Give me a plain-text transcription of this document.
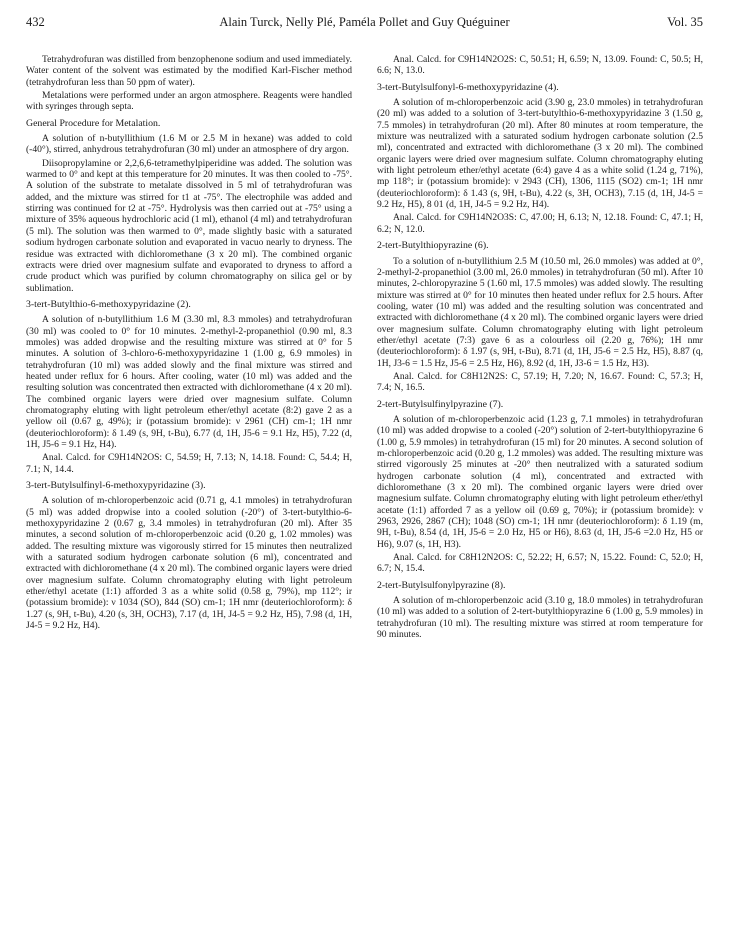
432	Alain Turck, Nelly Plé, Paméla Pollet and Guy Quéguiner	Vol. 35

Tetrahydrofuran was distilled from benzophenone sodium and used immediately. Water content of the solvent was estimated by the modified Karl-Fischer method (tetrahydrofuran less than 50 ppm of water).

Metalations were performed under an argon atmosphere. Reagents were handled with syringes through septa.

General Procedure for Metalation.

A solution of n-butyllithium (1.6 M or 2.5 M in hexane) was added to cold (-40°), stirred, anhydrous tetrahydrofuran (30 ml) under an atmosphere of dry argon.

Diisopropylamine or 2,2,6,6-tetramethylpiperidine was added. The solution was warmed to 0° and kept at this temperature for 20 minutes. It was then cooled to -75°. A solution of the substrate to metalate dissolved in 5 ml of tetrahydrofuran was added, and the mixture was stirred for t1 at -75°. The electrophile was added and stirring was continued for t2 at -75°. Hydrolysis was then carried out at -75° using a mixture of 35% aqueous hydrochloric acid (1 ml), ethanol (4 ml) and tetrahydrofuran (5 ml). The solution was then warmed to 0°, made slightly basic with a saturated sodium hydrogen carbonate solution and evaporated in vacuo nearly to dryness. The residue was extracted with dichloromethane (3 x 20 ml). The combined organic extracts were dried over magnesium sulfate and evaporated to dryness to afford a crude product which was purified by column chromatography on silica gel or by sublimation.

3-tert-Butylthio-6-methoxypyridazine (2).

A solution of n-butyllithium 1.6 M (3.30 ml, 8.3 mmoles) and tetrahydrofuran (30 ml) was cooled to 0° for 10 minutes. 2-methyl-2-propanethiol (0.90 ml, 8.3 mmoles) was added dropwise and the resulting mixture was stirred at 0° for 5 minutes. A solution of 3-chloro-6-methoxypyridazine 1 (1.00 g, 6.9 mmoles) in tetrahydrofuran (10 ml) was added slowly and the final mixture was stirred and heated under reflux for 6 hours. After cooling, water (10 ml) was added and the resulting solution was concentrated then extracted with dichloromethane (4 x 20 ml). The combined organic layers were dried over magnesium sulfate. Column chromatography eluting with light petroleum ether/ethyl acetate (8:2) gave 2 as a yellow oil (0.67 g, 49%); ir (potassium bromide): ν 2961 (CH) cm-1; 1H nmr (deuteriochloroform): δ 1.49 (s, 9H, t-Bu), 6.77 (d, 1H, J5-6 = 9.1 Hz, H5), 7.22 (d, 1H, J5-6 = 9.1 Hz, H4).

Anal. Calcd. for C9H14N2OS: C, 54.59; H, 7.13; N, 14.18. Found: C, 54.4; H, 7.1; N, 14.4.

3-tert-Butylsulfinyl-6-methoxypyridazine (3).

A solution of m-chloroperbenzoic acid (0.71 g, 4.1 mmoles) in tetrahydrofuran (5 ml) was added dropwise into a cooled solution (-20°) of 3-tert-butylthio-6-methoxypyridazine 2 (0.67 g, 3.4 mmoles) in tetrahydrofuran (20 ml). After 35 minutes, a second solution of m-chloroperbenzoic acid (0.20 g, 1.02 mmoles) was added. The resulting mixture was vigorously stirred for 15 minutes then neutralized with a saturated sodium hydrogen carbonate solution (6 ml), concentrated and extracted with dichloromethane (4 x 20 ml). The combined organic layers were dried over magnesium sulfate. Column chromatography eluting with light petroleum ether/ethyl acetate (1:1) afforded 3 as a white solid (0.58 g, 79%), mp 112°; ir (potassium bromide): ν 1034 (SO), 844 (SO) cm-1; 1H nmr (deuteriochloroform): δ 1.27 (s, 9H, t-Bu), 4.20 (s, 3H, OCH3), 7.17 (d, 1H, J4-5 = 9.2 Hz, H5), 7.98 (d, 1H, J4-5 = 9.2 Hz, H4).

Anal. Calcd. for C9H14N2O2S: C, 50.51; H, 6.59; N, 13.09. Found: C, 50.5; H, 6.6; N, 13.0.

3-tert-Butylsulfonyl-6-methoxypyridazine (4).

A solution of m-chloroperbenzoic acid (3.90 g, 23.0 mmoles) in tetrahydrofuran (20 ml) was added to a solution of 3-tert-butylthio-6-methoxypyridazine 3 (1.50 g, 7.5 mmoles) in tetrahydrofuran (20 ml). After 80 minutes at room temperature, the mixture was neutralized with a saturated sodium hydrogen carbonate solution (2.5 ml), concentrated and extracted with dichloromethane (3 x 20 ml). The combined organic layers were dried over magnesium sulfate. Column chromatography eluting with light petroleum ether/ethyl acetate (6:4) gave 4 as a white solid (1.24 g, 71%), mp 118°; ir (potassium bromide): ν 2943 (CH), 1306, 1115 (SO2) cm-1; 1H nmr (deuteriochloroform): δ 1.43 (s, 9H, t-Bu), 4.22 (s, 3H, OCH3), 7.15 (d, 1H, J4-5 = 9.2 Hz, H5), 8 01 (d, 1H, J4-5 = 9.2 Hz, H4).

Anal. Calcd. for C9H14N2O3S: C, 47.00; H, 6.13; N, 12.18. Found: C, 47.1; H, 6.2; N, 12.0.

2-tert-Butylthiopyrazine (6).

To a solution of n-butyllithium 2.5 M (10.50 ml, 26.0 mmoles) was added at 0°, 2-methyl-2-propanethiol (3.00 ml, 26.0 mmoles) in tetrahydrofuran (50 ml). After 10 minutes, 2-chloropyrazine 5 (1.60 ml, 17.5 mmoles) was added slowly. The resulting mixture was stirred at 0° for 10 minutes then heated under reflux for 2.5 hours. After cooling, water (10 ml) was added and the resulting solution was concentrated and extracted with dichloromethane (4 x 20 ml). The combined organic layers were dried over magnesium sulfate. Column chromatography eluting with light petroleum ether/ethyl acetate (7:3) gave 6 as a colourless oil (2.20 g, 76%); 1H nmr (deuteriochloroform): δ 1.97 (s, 9H, t-Bu), 8.71 (d, 1H, J5-6 = 2.5 Hz, H5), 8.87 (q, 1H, J3-6 = 1.5 Hz, J5-6 = 2.5 Hz, H6), 8.92 (d, 1H, J3-6 = 1.5 Hz, H3).

Anal. Calcd. for C8H12N2S: C, 57.19; H, 7.20; N, 16.67. Found: C, 57.3; H, 7.4; N, 16.5.

2-tert-Butylsulfinylpyrazine (7).

A solution of m-chloroperbenzoic acid (1.23 g, 7.1 mmoles) in tetrahydrofuran (10 ml) was added dropwise to a cooled (-20°) solution of 2-tert-butylthiopyrazine 6 (1.00 g, 5.9 mmoles) in tetrahydrofuran (15 ml) for 20 minutes. A second solution of m-chloroperbenzoic acid (0.20 g, 1.2 mmoles) was added. The resulting mixture was stirred vigorously 25 minutes at -20° then neutralized with a saturated sodium hydrogen carbonate solution (4 ml), concentrated and extracted with dichloromethane (3 x 20 ml). The combined organic layers were dried over magnesium sulfate. Column chromatography eluting with light petroleum ether/ethyl acetate (1:1) afforded 7 as a yellow oil (0.69 g, 70%); ir (potassium bromide): ν 2963, 2926, 2867 (CH); 1048 (SO) cm-1; 1H nmr (deuteriochloroform): δ 1.19 (m, 9H, t-Bu), 8.54 (d, 1H, J5-6 = 2.0 Hz, H5 or H6), 8.63 (d, 1H, J5-6 =2.0 Hz, H5 or H6), 9.07 (s, 1H, H3).

Anal. Calcd. for C8H12N2OS: C, 52.22; H, 6.57; N, 15.22. Found: C, 52.0; H, 6.7; N, 15.4.

2-tert-Butylsulfonylpyrazine (8).

A solution of m-chloroperbenzoic acid (3.10 g, 18.0 mmoles) in tetrahydrofuran (10 ml) was added to a solution of 2-tert-butylthiopyrazine 6 (1.00 g, 5.9 mmoles) in tetrahydrofuran (10 ml). The resulting mixture was stirred at room temperature for 90 minutes.
